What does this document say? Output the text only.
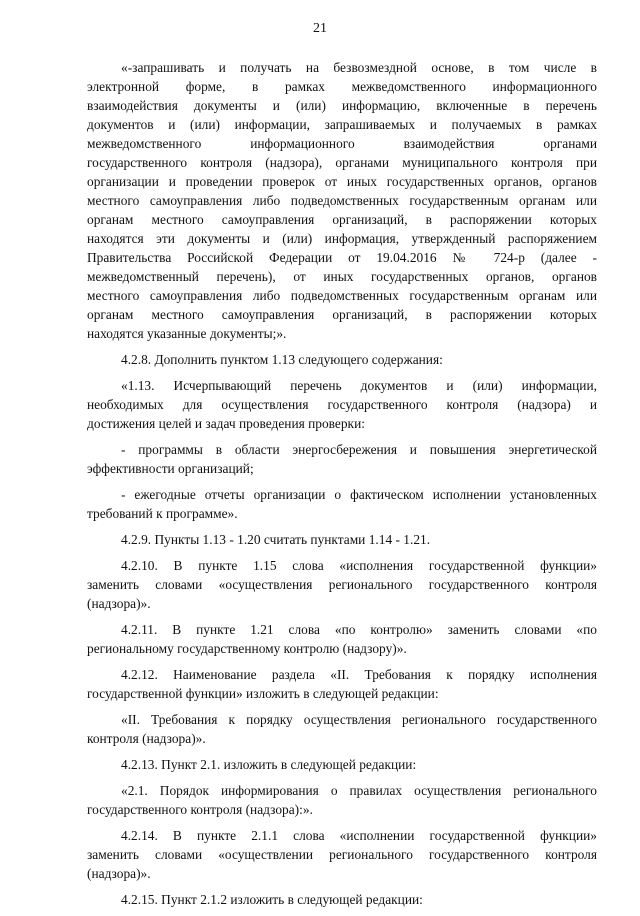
21
«-запрашивать и получать на безвозмездной основе, в том числе в
электронной форме, в рамках межведомственного информационного
взаимодействия документы и (или) информацию, включенные в перечень
документов и (или) информации, запрашиваемых и получаемых в рамках
межведомственного информационного взаимодействия органами
государственного контроля (надзора), органами муниципального контроля при
организации и проведении проверок от иных государственных органов, органов
местного самоуправления либо подведомственных государственным органам или
органам местного самоуправления организаций, в распоряжении которых
находятся эти документы и (или) информация, утвержденный распоряжением
Правительства Российской Федерации от 19.04.2016 № 724-р (далее -
межведомственный перечень), от иных государственных органов, органов
местного самоуправления либо подведомственных государственным органам или
органам местного самоуправления организаций, в распоряжении которых
находятся указанные документы;».
4.2.8. Дополнить пунктом 1.13 следующего содержания:
«1.13. Исчерпывающий перечень документов и (или) информации,
необходимых для осуществления государственного контроля (надзора) и
достижения целей и задач проведения проверки:
- программы в области энергосбережения и повышения энергетической
эффективности организаций;
- ежегодные отчеты организации о фактическом исполнении установленных
требований к программе».
4.2.9. Пункты 1.13 - 1.20 считать пунктами 1.14 - 1.21.
4.2.10. В пункте 1.15 слова «исполнения государственной функции»
заменить словами «осуществления регионального государственного контроля
(надзора)».
4.2.11. В пункте 1.21 слова «по контролю» заменить словами «по
региональному государственному контролю (надзору)».
4.2.12. Наименование раздела «II. Требования к порядку исполнения
государственной функции» изложить в следующей редакции:
«II. Требования к порядку осуществления регионального государственного
контроля (надзора)».
4.2.13. Пункт 2.1. изложить в следующей редакции:
«2.1. Порядок информирования о правилах осуществления регионального
государственного контроля (надзора):».
4.2.14. В пункте 2.1.1 слова «исполнении государственной функции»
заменить словами «осуществлении регионального государственного контроля
(надзора)».
4.2.15. Пункт 2.1.2 изложить в следующей редакции:
